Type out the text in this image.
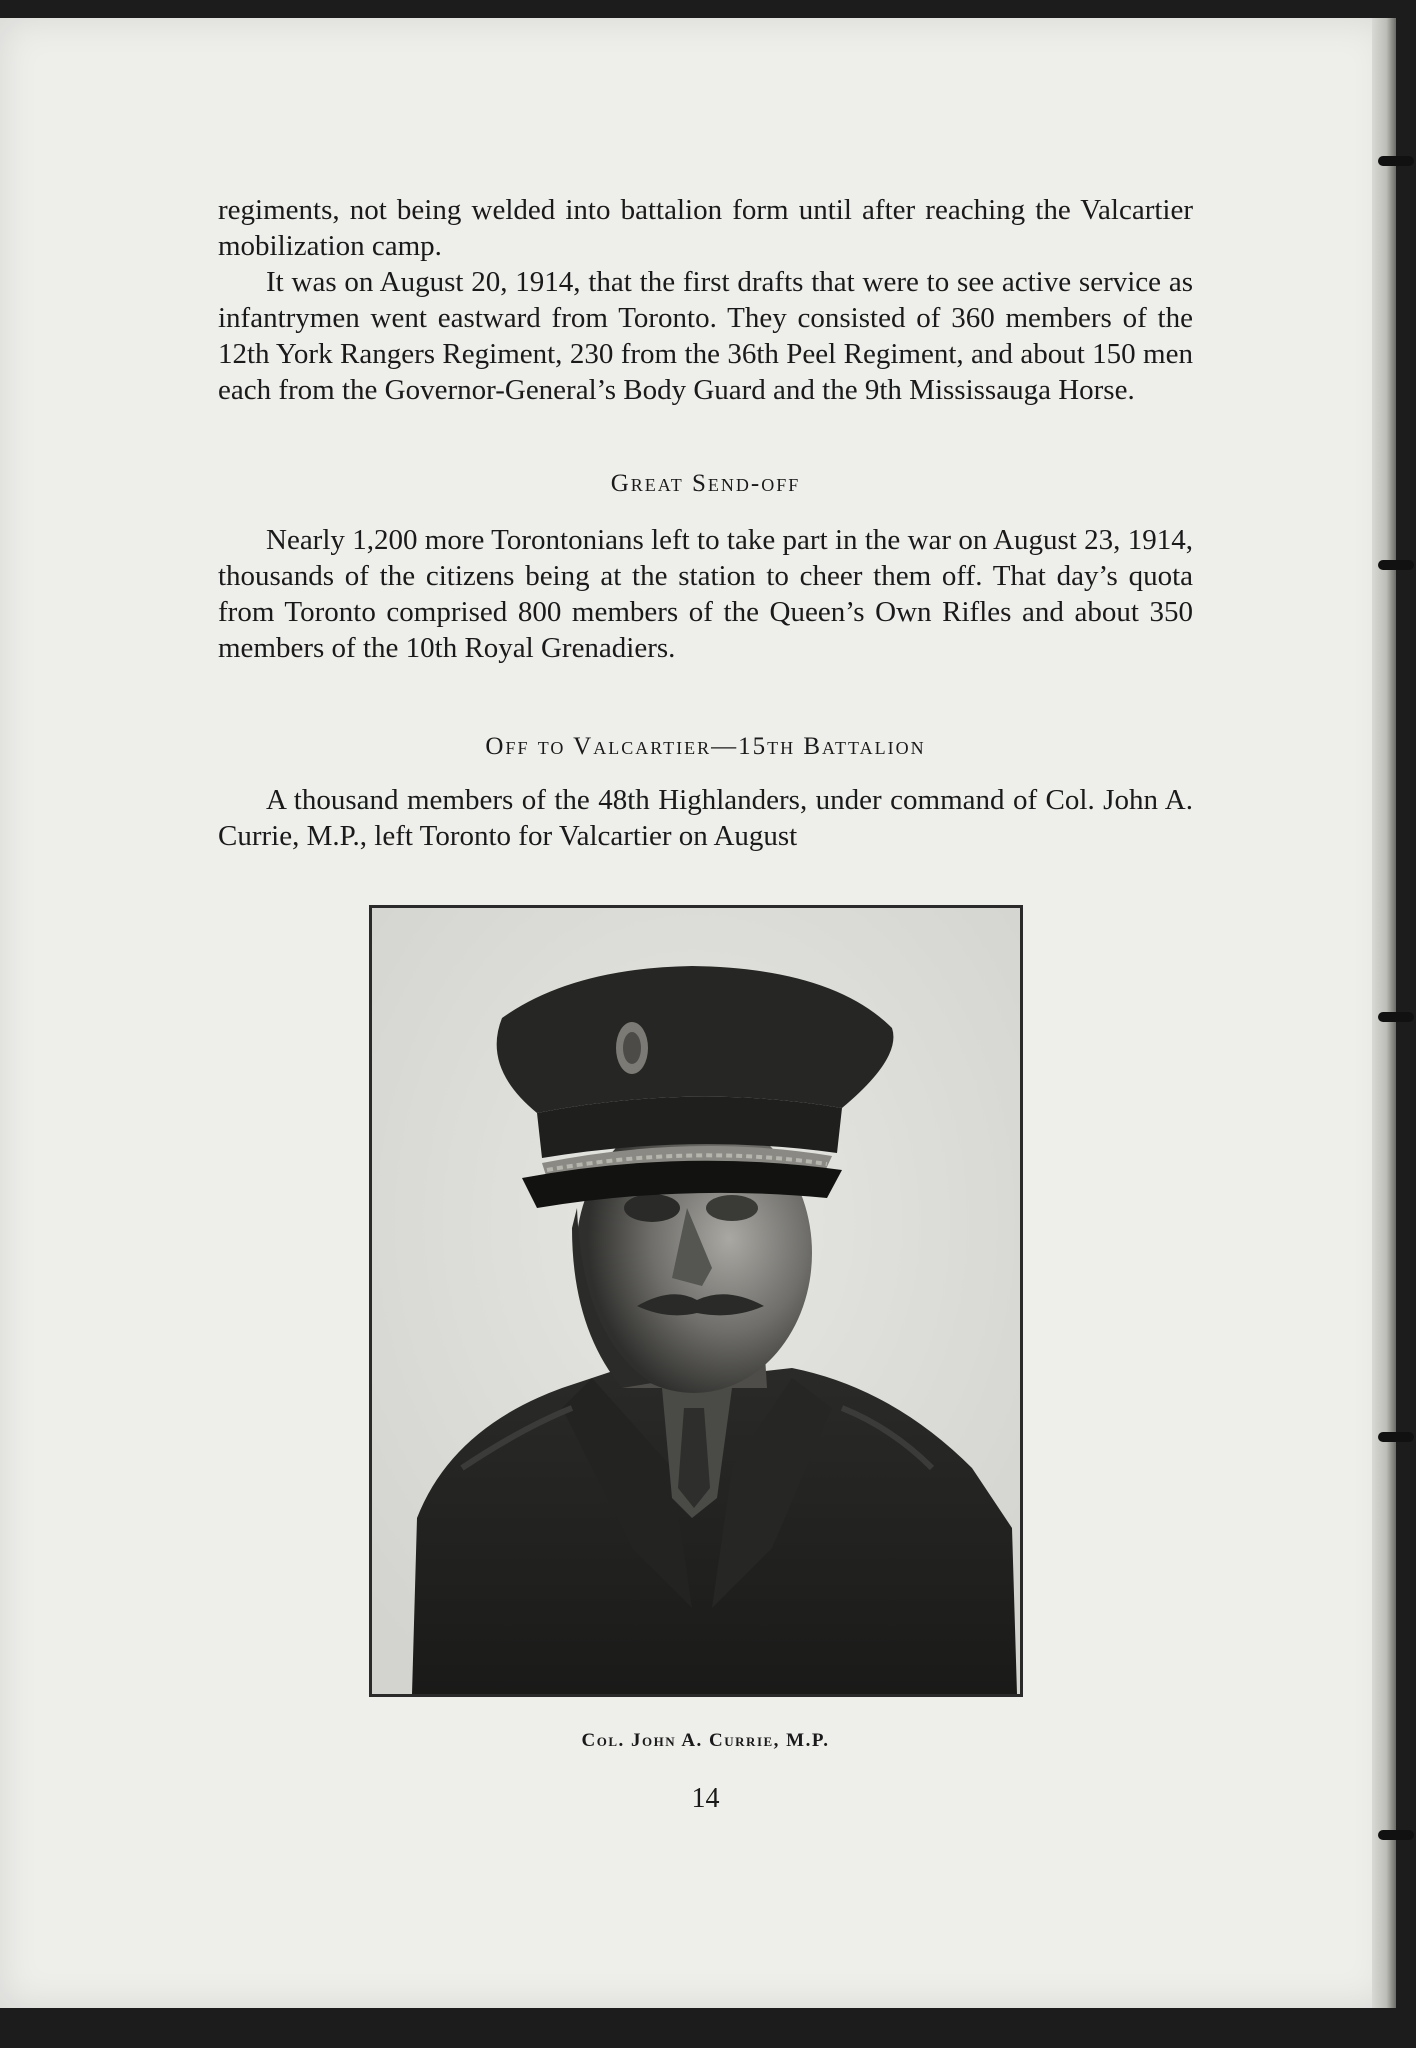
regiments, not being welded into battalion form until after reaching the Valcartier mobilization camp.

It was on August 20, 1914, that the first drafts that were to see active service as infantrymen went eastward from Toronto. They consisted of 360 members of the 12th York Rangers Regiment, 230 from the 36th Peel Regiment, and about 150 men each from the Governor-General’s Body Guard and the 9th Mississauga Horse.

Great Send-off

Nearly 1,200 more Torontonians left to take part in the war on August 23, 1914, thousands of the citizens being at the station to cheer them off. That day’s quota from Toronto comprised 800 members of the Queen’s Own Rifles and about 350 members of the 10th Royal Grenadiers.

Off to Valcartier—15th Battalion

A thousand members of the 48th Highlanders, under command of Col. John A. Currie, M.P., left Toronto for Valcartier on August

Col. John A. Currie, M.P.
14
